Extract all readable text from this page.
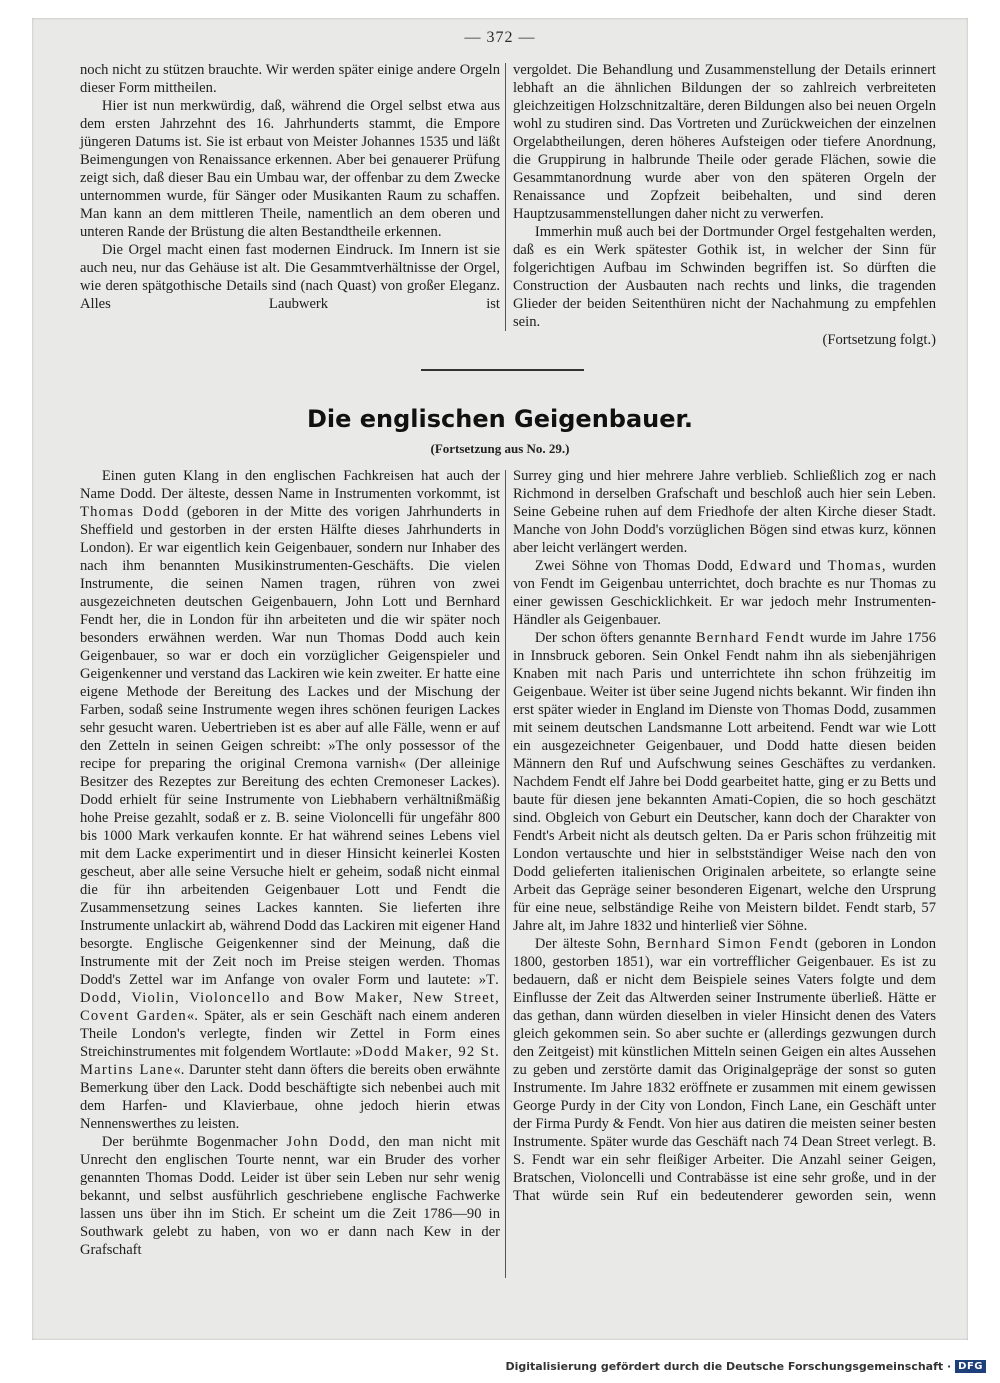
— 372 —

noch nicht zu stützen brauchte. Wir werden später einige andere Orgeln dieser Form mittheilen.

Hier ist nun merkwürdig, daß, während die Orgel selbst etwa aus dem ersten Jahrzehnt des 16. Jahrhunderts stammt, die Empore jüngeren Datums ist. Sie ist erbaut von Meister Johannes 1535 und läßt Beimengungen von Renaissance erkennen. Aber bei genauerer Prüfung zeigt sich, daß dieser Bau ein Umbau war, der offenbar zu dem Zwecke unternommen wurde, für Sänger oder Musikanten Raum zu schaffen. Man kann an dem mittleren Theile, namentlich an dem oberen und unteren Rande der Brüstung die alten Bestandtheile erkennen.

Die Orgel macht einen fast modernen Eindruck. Im Innern ist sie auch neu, nur das Gehäuse ist alt. Die Gesammtverhältnisse der Orgel, wie deren spätgothische Details sind (nach Quast) von großer Eleganz. Alles Laubwerk ist

vergoldet. Die Behandlung und Zusammenstellung der Details erinnert lebhaft an die ähnlichen Bildungen der so zahlreich verbreiteten gleichzeitigen Holzschnitzaltäre, deren Bildungen also bei neuen Orgeln wohl zu studiren sind. Das Vortreten und Zurückweichen der einzelnen Orgelabtheilungen, deren höheres Aufsteigen oder tiefere Anordnung, die Gruppirung in halbrunde Theile oder gerade Flächen, sowie die Gesammtanordnung wurde aber von den späteren Orgeln der Renaissance und Zopfzeit beibehalten, und sind deren Hauptzusammenstellungen daher nicht zu verwerfen.

Immerhin muß auch bei der Dortmunder Orgel festgehalten werden, daß es ein Werk spätester Gothik ist, in welcher der Sinn für folgerichtigen Aufbau im Schwinden begriffen ist. So dürften die Construction der Ausbauten nach rechts und links, die tragenden Glieder der beiden Seitenthüren nicht der Nachahmung zu empfehlen sein.

(Fortsetzung folgt.)

Die englischen Geigenbauer.
(Fortsetzung aus No. 29.)

Einen guten Klang in den englischen Fachkreisen hat auch der Name Dodd. Der älteste, dessen Name in Instrumenten vorkommt, ist Thomas Dodd (geboren in der Mitte des vorigen Jahrhunderts in Sheffield und gestorben in der ersten Hälfte dieses Jahrhunderts in London). Er war eigentlich kein Geigenbauer, sondern nur Inhaber des nach ihm benannten Musikinstrumenten-Geschäfts. Die vielen Instrumente, die seinen Namen tragen, rühren von zwei ausgezeichneten deutschen Geigenbauern, John Lott und Bernhard Fendt her, die in London für ihn arbeiteten und die wir später noch besonders erwähnen werden. War nun Thomas Dodd auch kein Geigenbauer, so war er doch ein vorzüglicher Geigenspieler und Geigenkenner und verstand das Lackiren wie kein zweiter. Er hatte eine eigene Methode der Bereitung des Lackes und der Mischung der Farben, sodaß seine Instrumente wegen ihres schönen feurigen Lackes sehr gesucht waren. Uebertrieben ist es aber auf alle Fälle, wenn er auf den Zetteln in seinen Geigen schreibt: »The only possessor of the recipe for preparing the original Cremona varnish« (Der alleinige Besitzer des Rezeptes zur Bereitung des echten Cremoneser Lackes). Dodd erhielt für seine Instrumente von Liebhabern verhältnißmäßig hohe Preise gezahlt, sodaß er z. B. seine Violoncelli für ungefähr 800 bis 1000 Mark verkaufen konnte. Er hat während seines Lebens viel mit dem Lacke experimentirt und in dieser Hinsicht keinerlei Kosten gescheut, aber alle seine Versuche hielt er geheim, sodaß nicht einmal die für ihn arbeitenden Geigenbauer Lott und Fendt die Zusammensetzung seines Lackes kannten. Sie lieferten ihre Instrumente unlackirt ab, während Dodd das Lackiren mit eigener Hand besorgte. Englische Geigenkenner sind der Meinung, daß die Instrumente mit der Zeit noch im Preise steigen werden. Thomas Dodd's Zettel war im Anfange von ovaler Form und lautete: »T. Dodd, Violin, Violoncello and Bow Maker, New Street, Covent Garden«. Später, als er sein Geschäft nach einem anderen Theile London's verlegte, finden wir Zettel in Form eines Streichinstrumentes mit folgendem Wortlaute: »Dodd Maker, 92 St. Martins Lane«. Darunter steht dann öfters die bereits oben erwähnte Bemerkung über den Lack. Dodd beschäftigte sich nebenbei auch mit dem Harfen- und Klavierbaue, ohne jedoch hierin etwas Nennenswerthes zu leisten.

Der berühmte Bogenmacher John Dodd, den man nicht mit Unrecht den englischen Tourte nennt, war ein Bruder des vorher genannten Thomas Dodd. Leider ist über sein Leben nur sehr wenig bekannt, und selbst ausführlich geschriebene englische Fachwerke lassen uns über ihn im Stich. Er scheint um die Zeit 1786—90 in Southwark gelebt zu haben, von wo er dann nach Kew in der Grafschaft

Surrey ging und hier mehrere Jahre verblieb. Schließlich zog er nach Richmond in derselben Grafschaft und beschloß auch hier sein Leben. Seine Gebeine ruhen auf dem Friedhofe der alten Kirche dieser Stadt. Manche von John Dodd's vorzüglichen Bögen sind etwas kurz, können aber leicht verlängert werden.

Zwei Söhne von Thomas Dodd, Edward und Thomas, wurden von Fendt im Geigenbau unterrichtet, doch brachte es nur Thomas zu einer gewissen Geschicklichkeit. Er war jedoch mehr Instrumenten-Händler als Geigenbauer.

Der schon öfters genannte Bernhard Fendt wurde im Jahre 1756 in Innsbruck geboren. Sein Onkel Fendt nahm ihn als siebenjährigen Knaben mit nach Paris und unterrichtete ihn schon frühzeitig im Geigenbaue. Weiter ist über seine Jugend nichts bekannt. Wir finden ihn erst später wieder in England im Dienste von Thomas Dodd, zusammen mit seinem deutschen Landsmanne Lott arbeitend. Fendt war wie Lott ein ausgezeichneter Geigenbauer, und Dodd hatte diesen beiden Männern den Ruf und Aufschwung seines Geschäftes zu verdanken. Nachdem Fendt elf Jahre bei Dodd gearbeitet hatte, ging er zu Betts und baute für diesen jene bekannten Amati-Copien, die so hoch geschätzt sind. Obgleich von Geburt ein Deutscher, kann doch der Charakter von Fendt's Arbeit nicht als deutsch gelten. Da er Paris schon frühzeitig mit London vertauschte und hier in selbstständiger Weise nach den von Dodd gelieferten italienischen Originalen arbeitete, so erlangte seine Arbeit das Gepräge seiner besonderen Eigenart, welche den Ursprung für eine neue, selbständige Reihe von Meistern bildet. Fendt starb, 57 Jahre alt, im Jahre 1832 und hinterließ vier Söhne.

Der älteste Sohn, Bernhard Simon Fendt (geboren in London 1800, gestorben 1851), war ein vortrefflicher Geigenbauer. Es ist zu bedauern, daß er nicht dem Beispiele seines Vaters folgte und dem Einflusse der Zeit das Altwerden seiner Instrumente überließ. Hätte er das gethan, dann würden dieselben in vieler Hinsicht denen des Vaters gleich gekommen sein. So aber suchte er (allerdings gezwungen durch den Zeitgeist) mit künstlichen Mitteln seinen Geigen ein altes Aussehen zu geben und zerstörte damit das Originalgepräge der sonst so guten Instrumente. Im Jahre 1832 eröffnete er zusammen mit einem gewissen George Purdy in der City von London, Finch Lane, ein Geschäft unter der Firma Purdy & Fendt. Von hier aus datiren die meisten seiner besten Instrumente. Später wurde das Geschäft nach 74 Dean Street verlegt. B. S. Fendt war ein sehr fleißiger Arbeiter. Die Anzahl seiner Geigen, Bratschen, Violoncelli und Contrabässe ist eine sehr große, und in der That würde sein Ruf ein bedeutenderer geworden sein, wenn

Digitalisierung gefördert durch die Deutsche Forschungsgemeinschaft · DFG
